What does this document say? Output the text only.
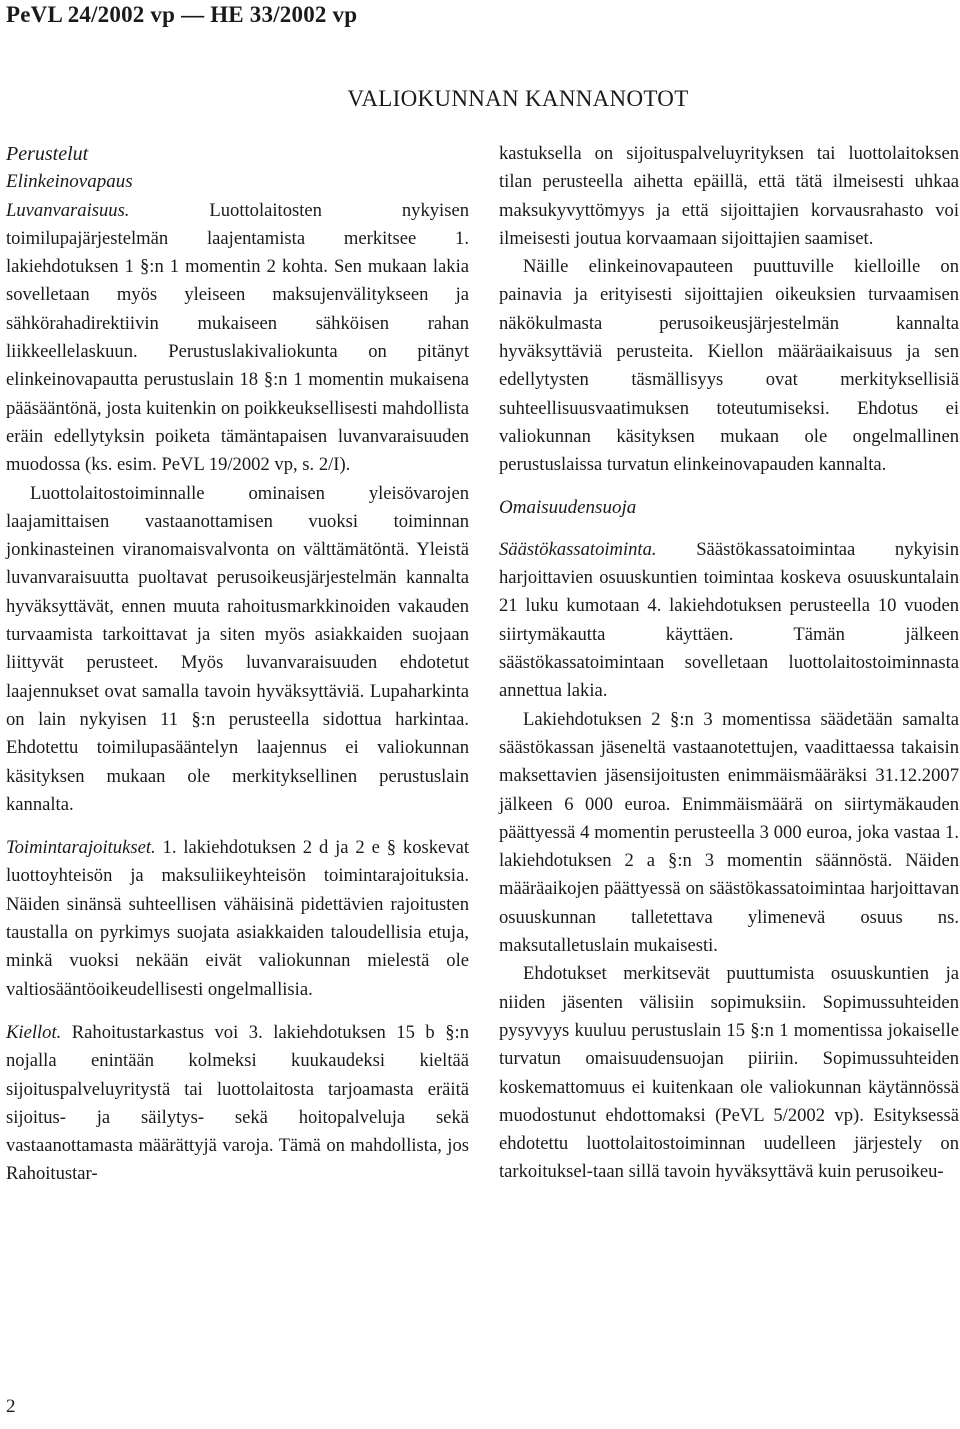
PeVL 24/2002 vp — HE 33/2002 vp
VALIOKUNNAN KANNANOTOT

Perustelut

Elinkeinovapaus

Luvanvaraisuus. Luottolaitosten nykyisen toimilupajärjestelmän laajentamista merkitsee 1. lakiehdotuksen 1 §:n 1 momentin 2 kohta. Sen mukaan lakia sovelletaan myös yleiseen maksujenvälitykseen ja sähkörahadirektiivin mukaiseen sähköisen rahan liikkeellelaskuun. Perustuslakivaliokunta on pitänyt elinkeinovapautta perustuslain 18 §:n 1 momentin mukaisena pääsääntönä, josta kuitenkin on poikkeuksellisesti mahdollista eräin edellytyksin poiketa tämäntapaisen luvanvaraisuuden muodossa (ks. esim. PeVL 19/2002 vp, s. 2/I).

Luottolaitostoiminnalle ominaisen yleisövarojen laajamittaisen vastaanottamisen vuoksi toiminnan jonkinasteinen viranomaisvalvonta on välttämätöntä. Yleistä luvanvaraisuutta puoltavat perusoikeusjärjestelmän kannalta hyväksyttävät, ennen muuta rahoitusmarkkinoiden vakauden turvaamista tarkoittavat ja siten myös asiakkaiden suojaan liittyvät perusteet. Myös luvanvaraisuuden ehdotetut laajennukset ovat samalla tavoin hyväksyttäviä. Lupaharkinta on lain nykyisen 11 §:n perusteella sidottua harkintaa. Ehdotettu toimilupasääntelyn laajennus ei valiokunnan käsityksen mukaan ole merkityksellinen perustuslain kannalta.

Toimintarajoitukset. 1. lakiehdotuksen 2 d ja 2 e § koskevat luottoyhteisön ja maksuliikeyhteisön toimintarajoituksia. Näiden sinänsä suhteellisen vähäisinä pidettävien rajoitusten taustalla on pyrkimys suojata asiakkaiden taloudellisia etuja, minkä vuoksi nekään eivät valiokunnan mielestä ole valtiosääntöoikeudellisesti ongelmallisia.

Kiellot. Rahoitustarkastus voi 3. lakiehdotuksen 15 b §:n nojalla enintään kolmeksi kuukaudeksi kieltää sijoituspalveluyritystä tai luottolaitosta tarjoamasta eräitä sijoitus- ja säilytys- sekä hoitopalveluja sekä vastaanottamasta määrättyjä varoja. Tämä on mahdollista, jos Rahoitustar-

kastuksella on sijoituspalveluyrityksen tai luottolaitoksen tilan perusteella aihetta epäillä, että tätä ilmeisesti uhkaa maksukyvyttömyys ja että sijoittajien korvausrahasto voi ilmeisesti joutua korvaamaan sijoittajien saamiset.

Näille elinkeinovapauteen puuttuville kielloille on painavia ja erityisesti sijoittajien oikeuksien turvaamisen näkökulmasta perusoikeusjärjestelmän kannalta hyväksyttäviä perusteita. Kiellon määräaikaisuus ja sen edellytysten täsmällisyys ovat merkityksellisiä suhteellisuusvaatimuksen toteutumiseksi. Ehdotus ei valiokunnan käsityksen mukaan ole ongelmallinen perustuslaissa turvatun elinkeinovapauden kannalta.

Omaisuudensuoja

Säästökassatoiminta. Säästökassatoimintaa nykyisin harjoittavien osuuskuntien toimintaa koskeva osuuskuntalain 21 luku kumotaan 4. lakiehdotuksen perusteella 10 vuoden siirtymäkautta käyttäen. Tämän jälkeen säästökassatoimintaan sovelletaan luottolaitostoiminnasta annettua lakia.

Lakiehdotuksen 2 §:n 3 momentissa säädetään samalta säästökassan jäseneltä vastaanotettujen, vaadittaessa takaisin maksettavien jäsensijoitusten enimmäismääräksi 31.12.2007 jälkeen 6 000 euroa. Enimmäismäärä on siirtymäkauden päättyessä 4 momentin perusteella 3 000 euroa, joka vastaa 1. lakiehdotuksen 2 a §:n 3 momentin säännöstä. Näiden määräaikojen päättyessä on säästökassatoimintaa harjoittavan osuuskunnan talletettava ylimenevä osuus ns. maksutalletuslain mukaisesti.

Ehdotukset merkitsevät puuttumista osuuskuntien ja niiden jäsenten välisiin sopimuksiin. Sopimussuhteiden pysyvyys kuuluu perustuslain 15 §:n 1 momentissa jokaiselle turvatun omaisuudensuojan piiriin. Sopimussuhteiden koskemattomuus ei kuitenkaan ole valiokunnan käytännössä muodostunut ehdottomaksi (PeVL 5/2002 vp). Esityksessä ehdotettu luottolaitostoiminnan uudelleen järjestely on tarkoituksel-taan sillä tavoin hyväksyttävä kuin perusoikeu-

2
